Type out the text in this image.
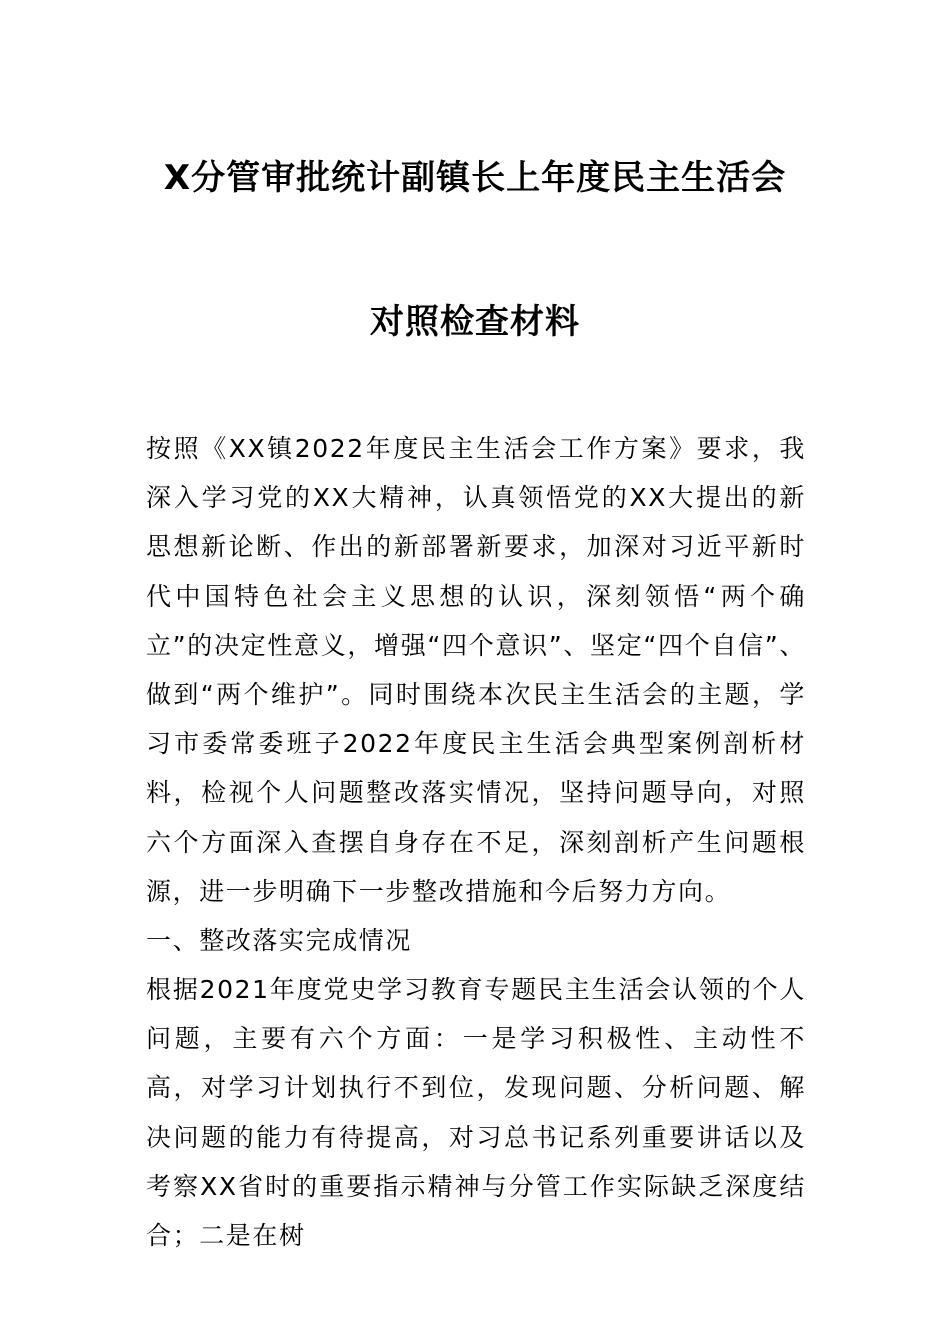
X分管审批统计副镇长上年度民主生活会
对照检查材料

按照《XX镇2022年度民主生活会工作方案》要求，我深入学习党的XX大精神，认真领悟党的XX大提出的新思想新论断、作出的新部署新要求，加深对习近平新时代中国特色社会主义思想的认识，深刻领悟“两个确立”的决定性意义，增强“四个意识”、坚定“四个自信”、做到“两个维护”。同时围绕本次民主生活会的主题，学习市委常委班子2022年度民主生活会典型案例剖析材料，检视个人问题整改落实情况，坚持问题导向，对照六个方面深入查摆自身存在不足，深刻剖析产生问题根源，进一步明确下一步整改措施和今后努力方向。

一、整改落实完成情况

根据2021年度党史学习教育专题民主生活会认领的个人问题，主要有六个方面：一是学习积极性、主动性不高，对学习计划执行不到位，发现问题、分析问题、解决问题的能力有待提高，对习总书记系列重要讲话以及考察XX省时的重要指示精神与分管工作实际缺乏深度结合；二是在树
